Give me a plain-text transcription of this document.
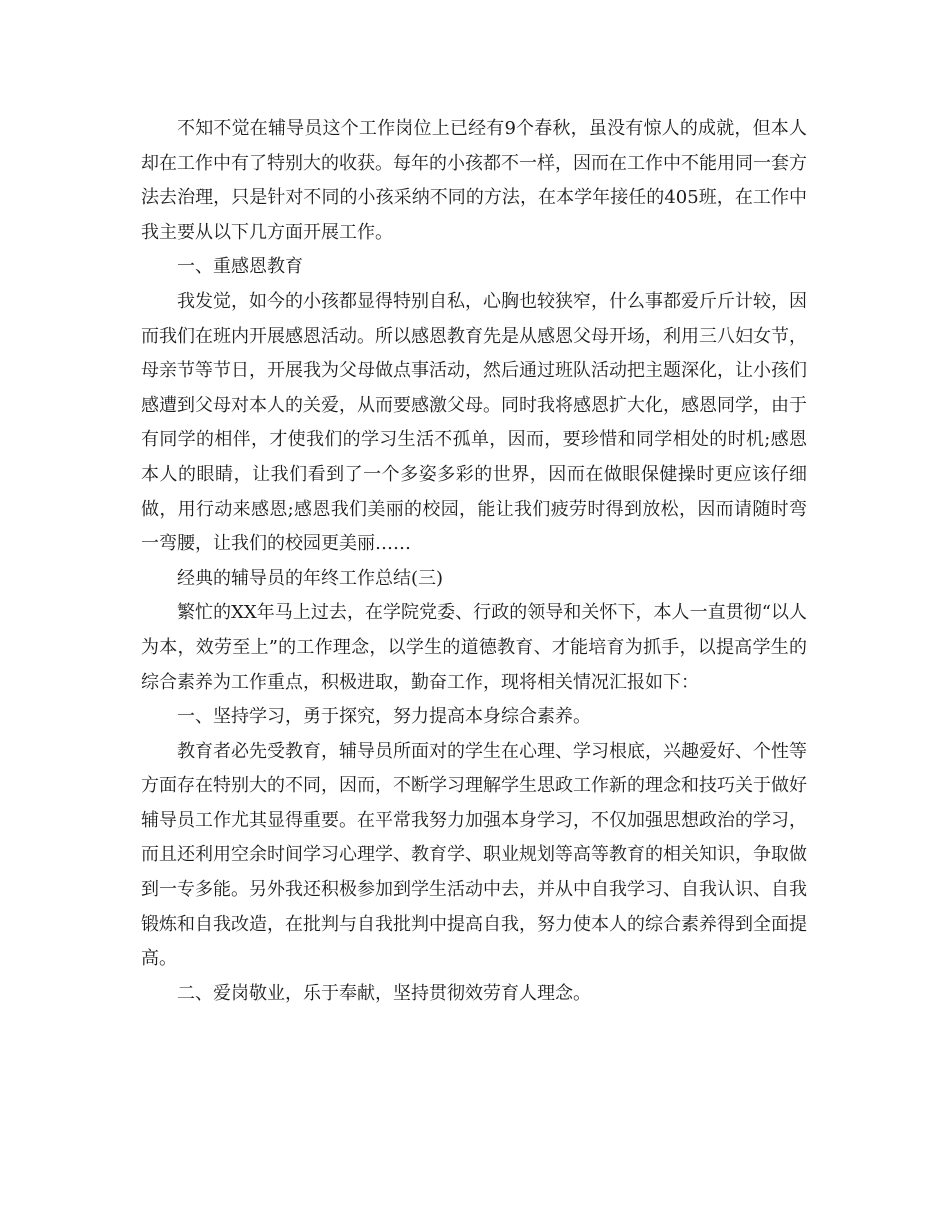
不知不觉在辅导员这个工作岗位上已经有9个春秋，虽没有惊人的成就，但本人却在工作中有了特别大的收获。每年的小孩都不一样，因而在工作中不能用同一套方法去治理，只是针对不同的小孩采纳不同的方法，在本学年接任的405班，在工作中我主要从以下几方面开展工作。

一、重感恩教育

我发觉，如今的小孩都显得特别自私，心胸也较狭窄，什么事都爱斤斤计较，因而我们在班内开展感恩活动。所以感恩教育先是从感恩父母开场，利用三八妇女节，母亲节等节日，开展我为父母做点事活动，然后通过班队活动把主题深化，让小孩们感遭到父母对本人的关爱，从而要感激父母。同时我将感恩扩大化，感恩同学，由于有同学的相伴，才使我们的学习生活不孤单，因而，要珍惜和同学相处的时机;感恩本人的眼睛，让我们看到了一个多姿多彩的世界，因而在做眼保健操时更应该仔细做，用行动来感恩;感恩我们美丽的校园，能让我们疲劳时得到放松，因而请随时弯一弯腰，让我们的校园更美丽……

经典的辅导员的年终工作总结(三)

繁忙的XX年马上过去，在学院党委、行政的领导和关怀下，本人一直贯彻“以人为本，效劳至上”的工作理念，以学生的道德教育、才能培育为抓手，以提高学生的综合素养为工作重点，积极进取，勤奋工作，现将相关情况汇报如下：

一、坚持学习，勇于探究，努力提高本身综合素养。

教育者必先受教育，辅导员所面对的学生在心理、学习根底，兴趣爱好、个性等方面存在特别大的不同，因而，不断学习理解学生思政工作新的理念和技巧关于做好辅导员工作尤其显得重要。在平常我努力加强本身学习，不仅加强思想政治的学习，而且还利用空余时间学习心理学、教育学、职业规划等高等教育的相关知识，争取做到一专多能。另外我还积极参加到学生活动中去，并从中自我学习、自我认识、自我锻炼和自我改造，在批判与自我批判中提高自我，努力使本人的综合素养得到全面提高。

二、爱岗敬业，乐于奉献，坚持贯彻效劳育人理念。
